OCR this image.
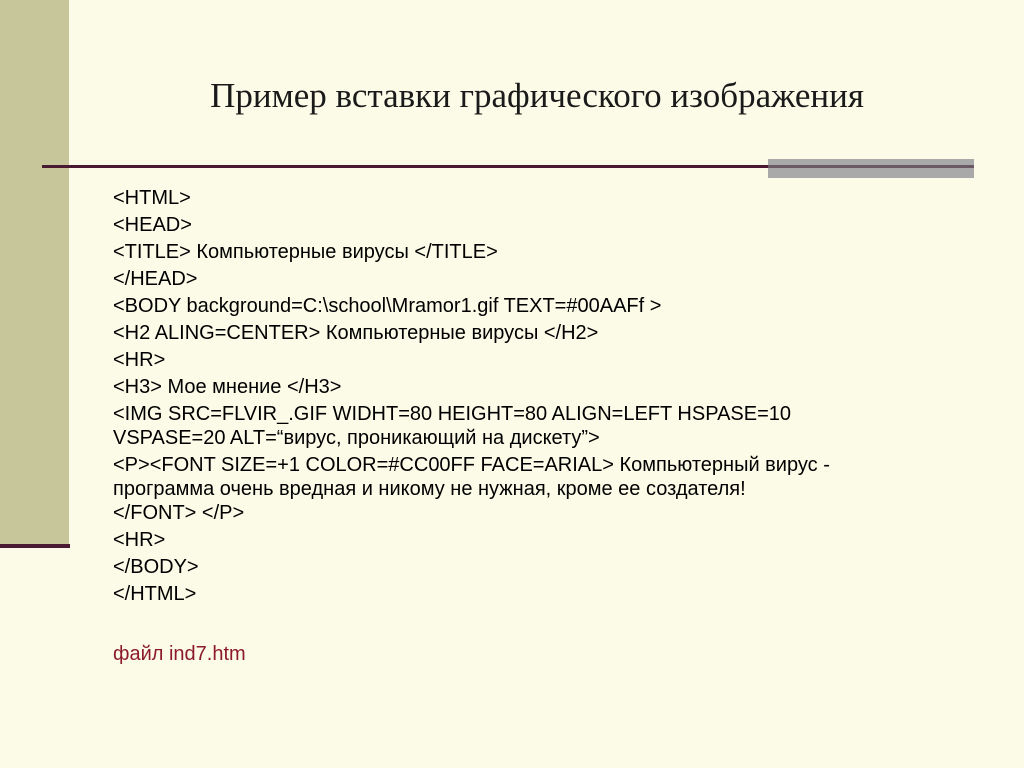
Пример вставки графического изображения
<HTML>
<HEAD>
<TITLE> Компьютерные вирусы </TITLE>
</HEAD>
<BODY background=C:\school\Mramor1.gif TEXT=#00AAFf >
<H2 ALING=CENTER> Компьютерные вирусы </H2>
<HR>
<H3> Мое мнение </H3>
<IMG SRC=FLVIR_.GIF WIDHT=80 HEIGHT=80 ALIGN=LEFT HSPASE=10
VSPASE=20 ALT=“вирус, проникающий на дискету”>
<P><FONT SIZE=+1 COLOR=#CC00FF FACE=ARIAL> Компьютерный вирус -
программа очень вредная и никому не нужная, кроме ее создателя!
</FONT> </P>
<HR>
</BODY>
</HTML>
файл ind7.htm
